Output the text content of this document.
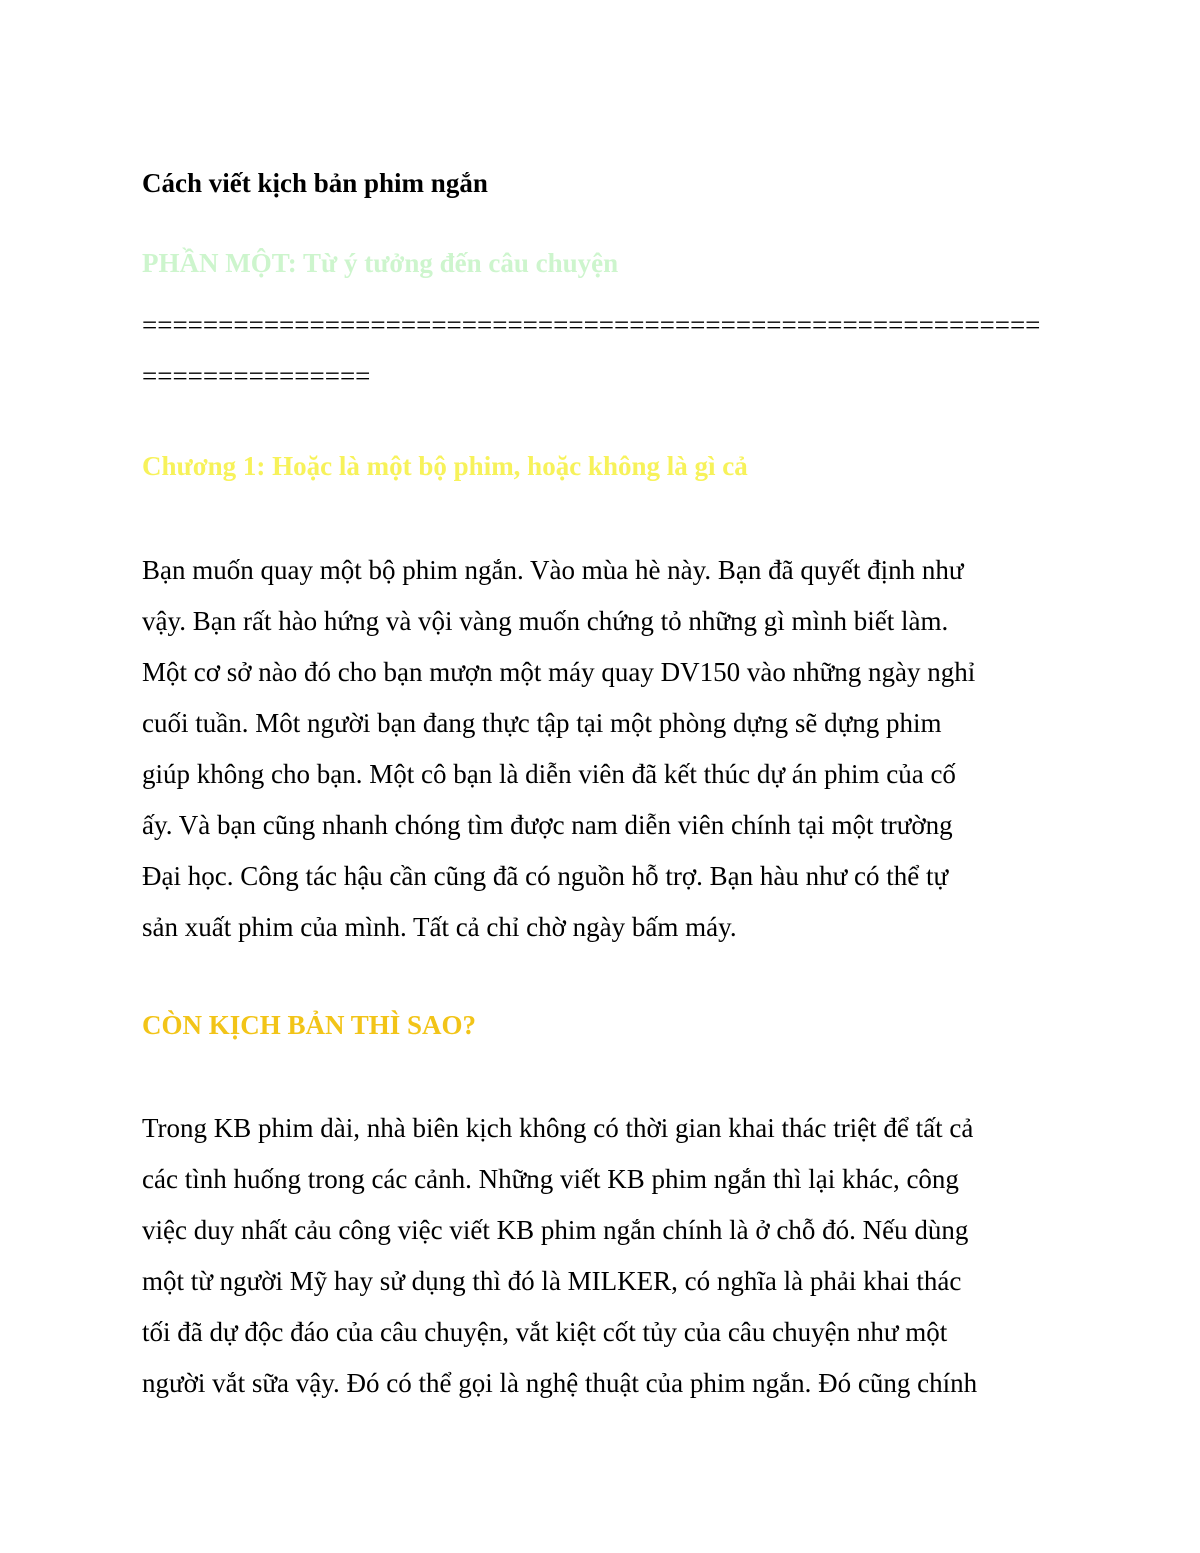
Cách viết kịch bản phim ngắn
PHẦN MỘT: Từ ý tưởng đến câu chuyện

==========================================================================

Chương 1: Hoặc là một bộ phim, hoặc không là gì cả

Bạn muốn quay một bộ phim ngắn. Vào mùa hè này. Bạn đã quyết định như
vậy. Bạn rất hào hứng và vội vàng muốn chứng tỏ những gì mình biết làm.
Một cơ sở nào đó cho bạn mượn một máy quay DV150 vào những ngày nghỉ
cuối tuần. Môt người bạn đang thực tập tại một phòng dựng sẽ dựng phim
giúp không cho bạn. Một cô bạn là diễn viên đã kết thúc dự án phim của cố
ấy. Và bạn cũng nhanh chóng tìm được nam diễn viên chính tại một trường
Đại học. Công tác hậu cần cũng đã có nguồn hỗ trợ. Bạn hàu như có thể tự
sản xuất phim của mình. Tất cả chỉ chờ ngày bấm máy.

CÒN KỊCH BẢN THÌ SAO?

Trong KB phim dài, nhà biên kịch không có thời gian khai thác triệt để tất cả
các tình huống trong các cảnh. Những viết KB phim ngắn thì lại khác, công
việc duy nhất cảu công việc viết KB phim ngắn chính là ở chỗ đó. Nếu dùng
một từ người Mỹ hay sử dụng thì đó là MILKER, có nghĩa là phải khai thác
tối đã dự độc đáo của câu chuyện, vắt kiệt cốt tủy của câu chuyện như một
người vắt sữa vậy. Đó có thể gọi là nghệ thuật của phim ngắn. Đó cũng chính
